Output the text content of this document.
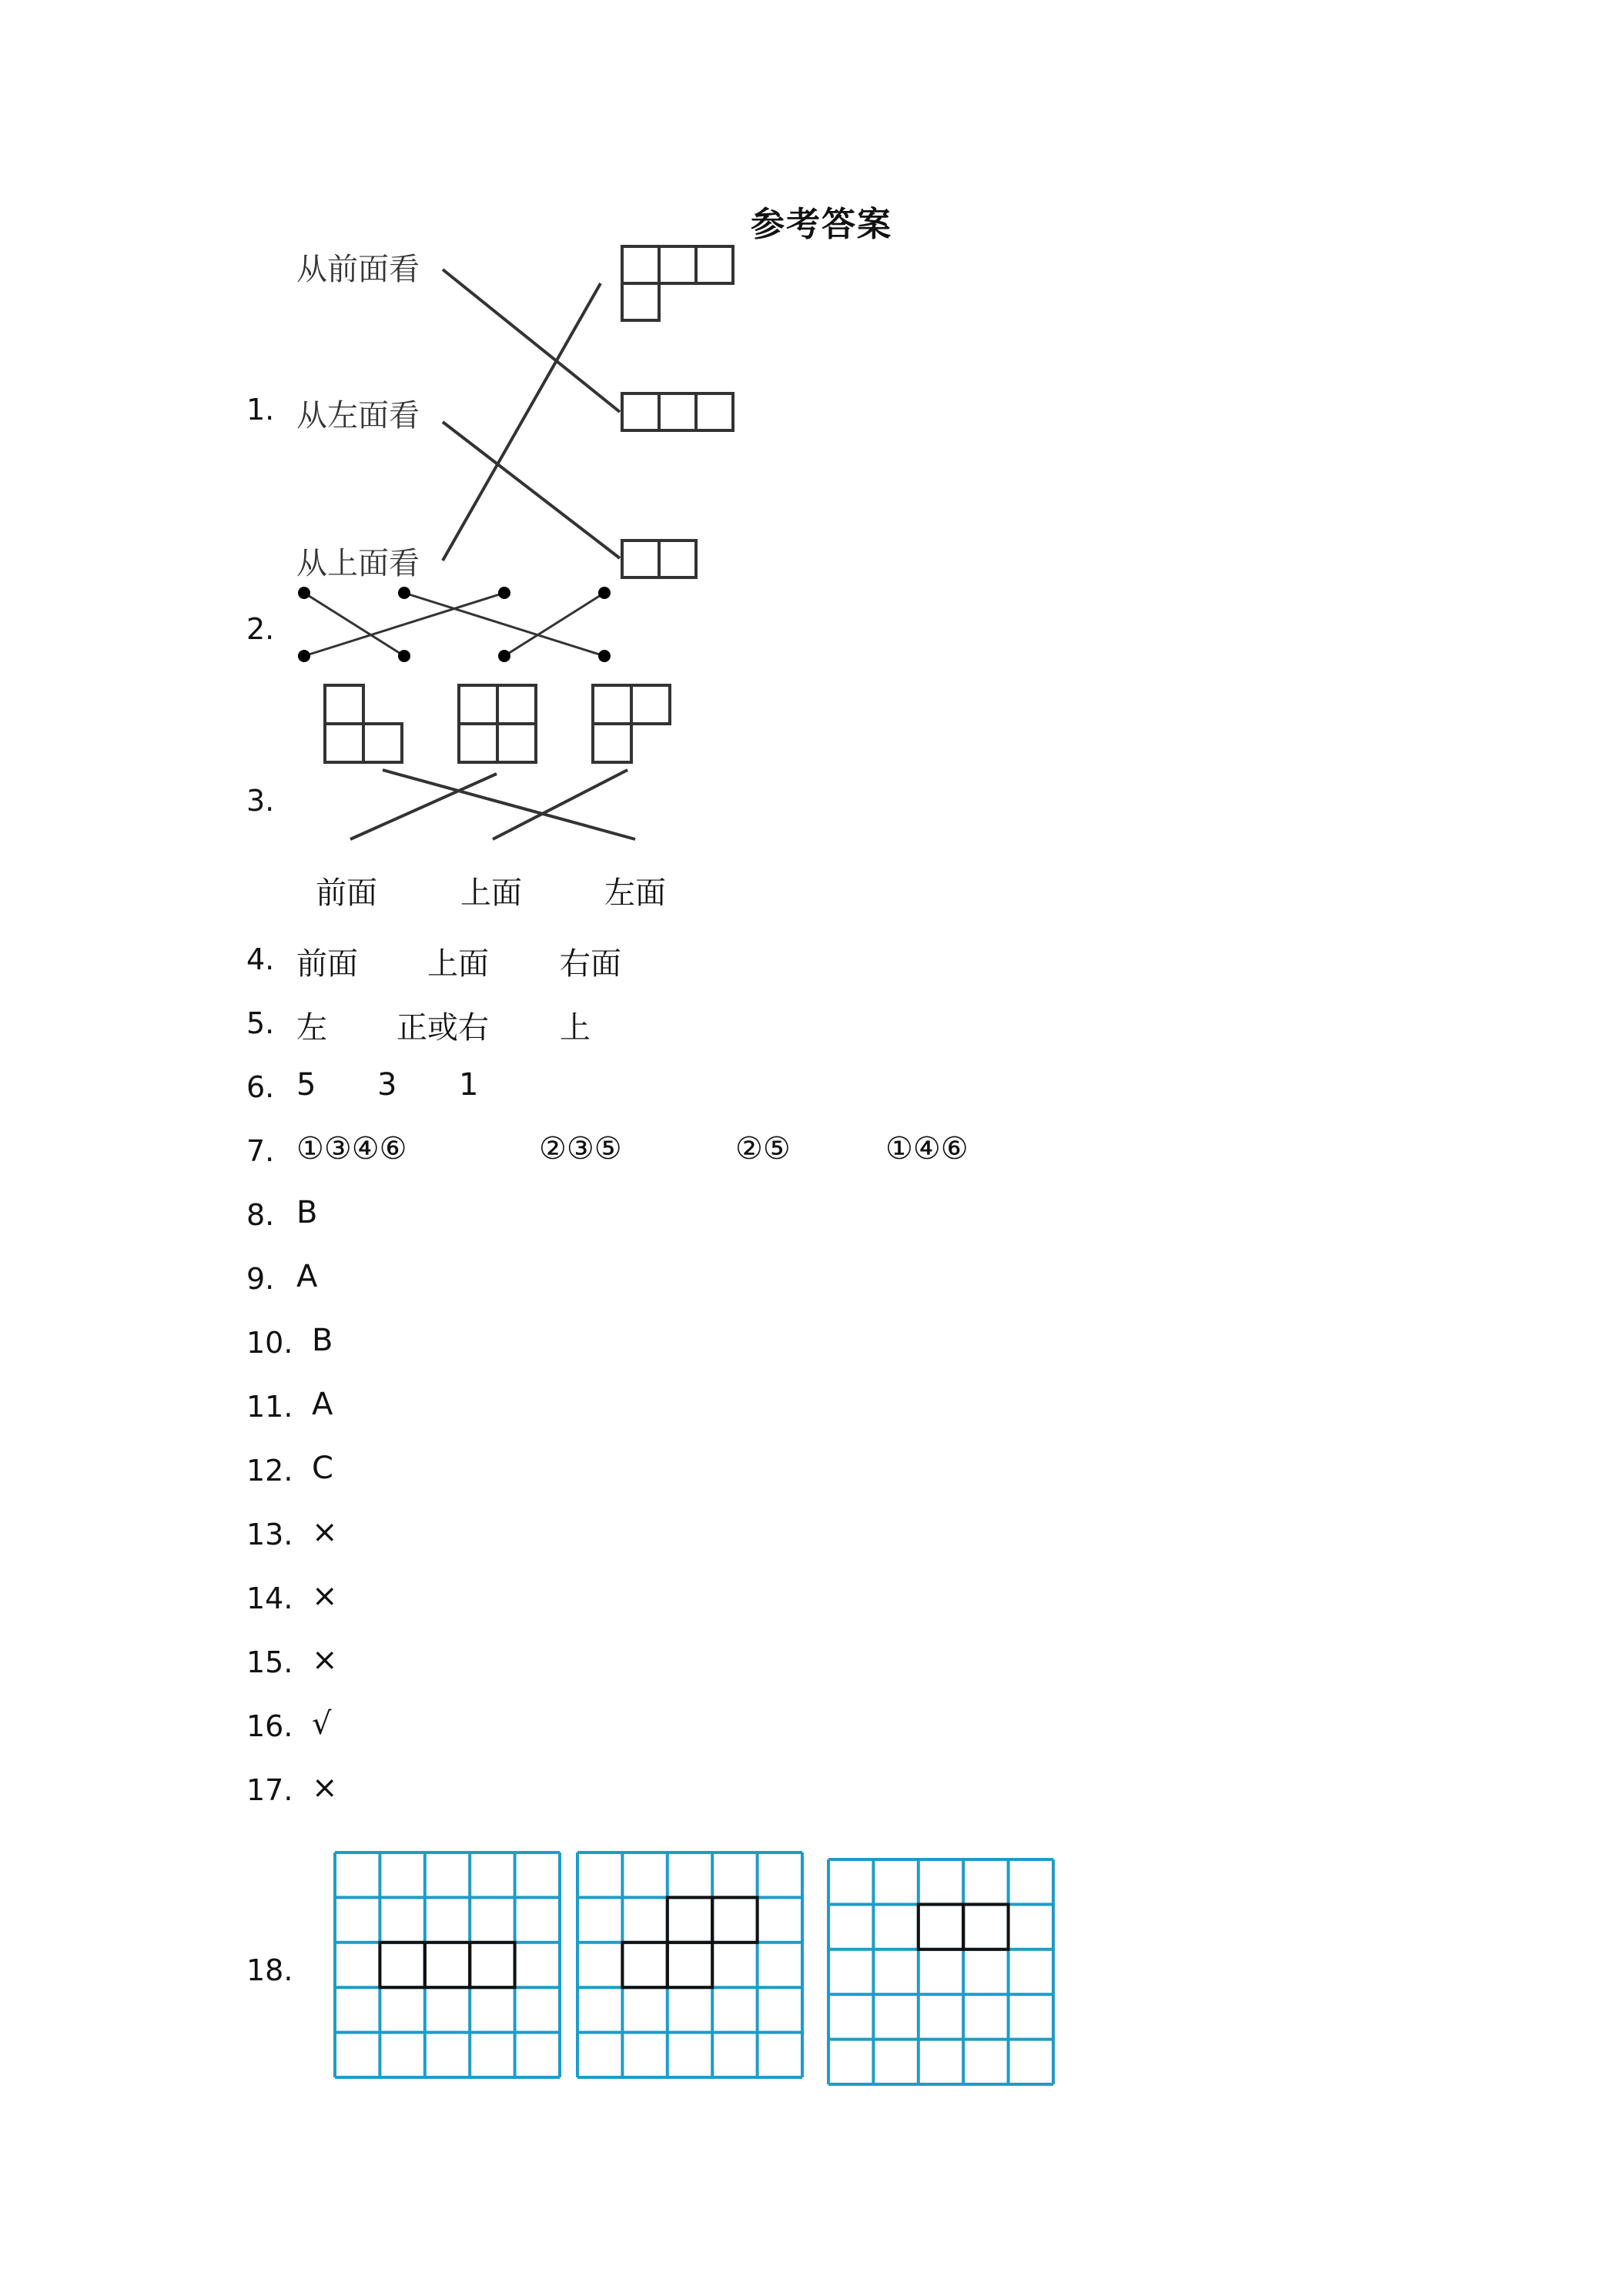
参考答案
1.
从前面看
从左面看
从上面看
2.
3.
前面	上面	左面
4. 前面 上面 右面
5. 左 正或右 上
6. 5 3 1
7. ①③④⑥	②③⑤	②⑤	①④⑥
8. B
9. A
10. B
11. A
12. C
13. ×
14. ×
15. ×
16. √
17. ×
18.
